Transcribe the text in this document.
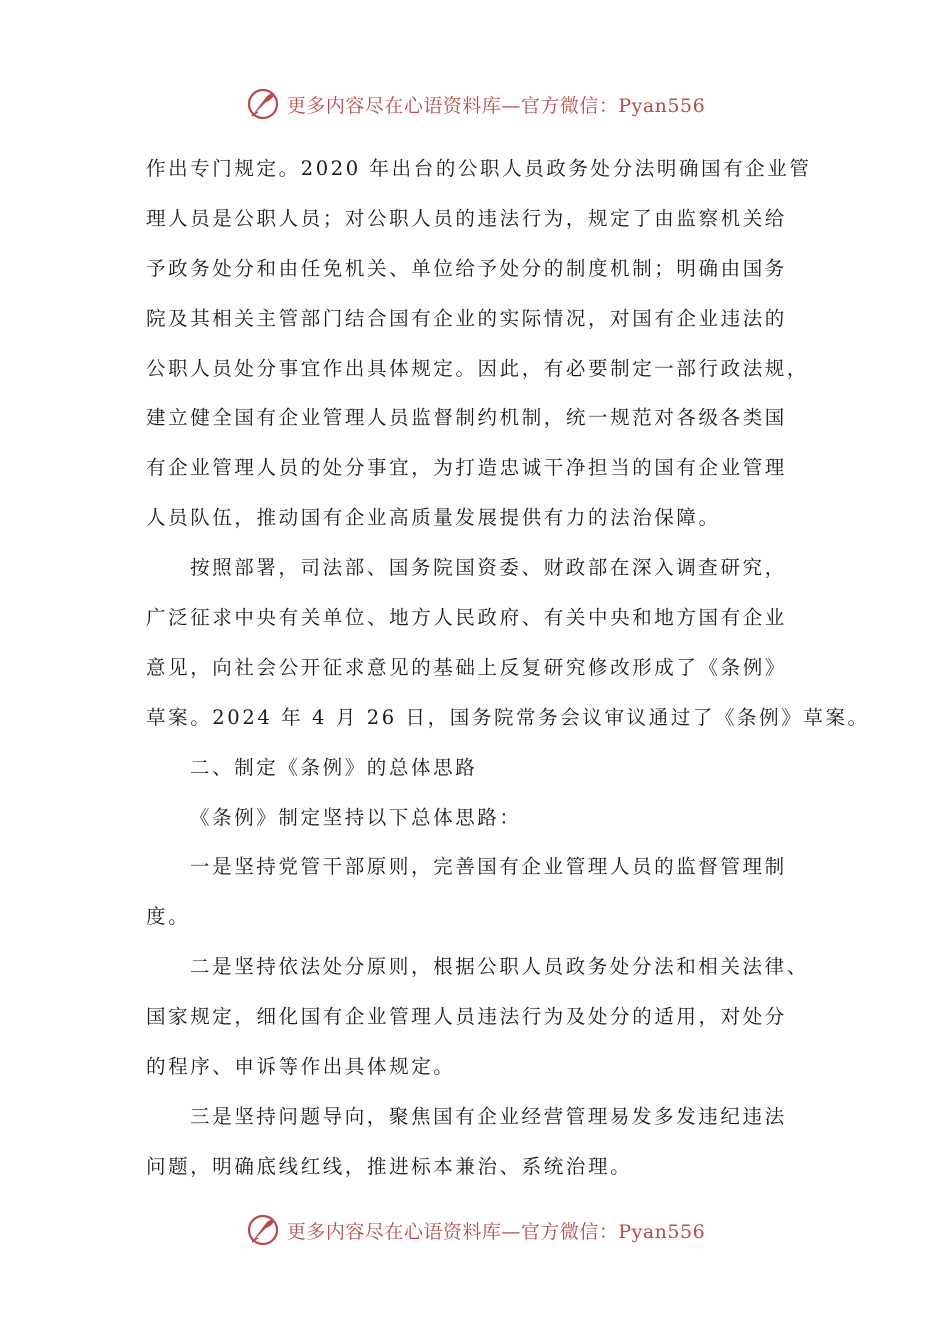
更多内容尽在心语资料库—官方微信：Pyan556
作出专门规定。2020 年出台的公职人员政务处分法明确国有企业管
理人员是公职人员；对公职人员的违法行为，规定了由监察机关给
予政务处分和由任免机关、单位给予处分的制度机制；明确由国务
院及其相关主管部门结合国有企业的实际情况，对国有企业违法的
公职人员处分事宜作出具体规定。因此，有必要制定一部行政法规，
建立健全国有企业管理人员监督制约机制，统一规范对各级各类国
有企业管理人员的处分事宜，为打造忠诚干净担当的国有企业管理
人员队伍，推动国有企业高质量发展提供有力的法治保障。
按照部署，司法部、国务院国资委、财政部在深入调查研究，
广泛征求中央有关单位、地方人民政府、有关中央和地方国有企业
意见，向社会公开征求意见的基础上反复研究修改形成了《条例》
草案。2024 年 4 月 26 日，国务院常务会议审议通过了《条例》草案。
二、制定《条例》的总体思路
《条例》制定坚持以下总体思路：
一是坚持党管干部原则，完善国有企业管理人员的监督管理制
度。
二是坚持依法处分原则，根据公职人员政务处分法和相关法律、
国家规定，细化国有企业管理人员违法行为及处分的适用，对处分
的程序、申诉等作出具体规定。
三是坚持问题导向，聚焦国有企业经营管理易发多发违纪违法
问题，明确底线红线，推进标本兼治、系统治理。
更多内容尽在心语资料库—官方微信：Pyan556
